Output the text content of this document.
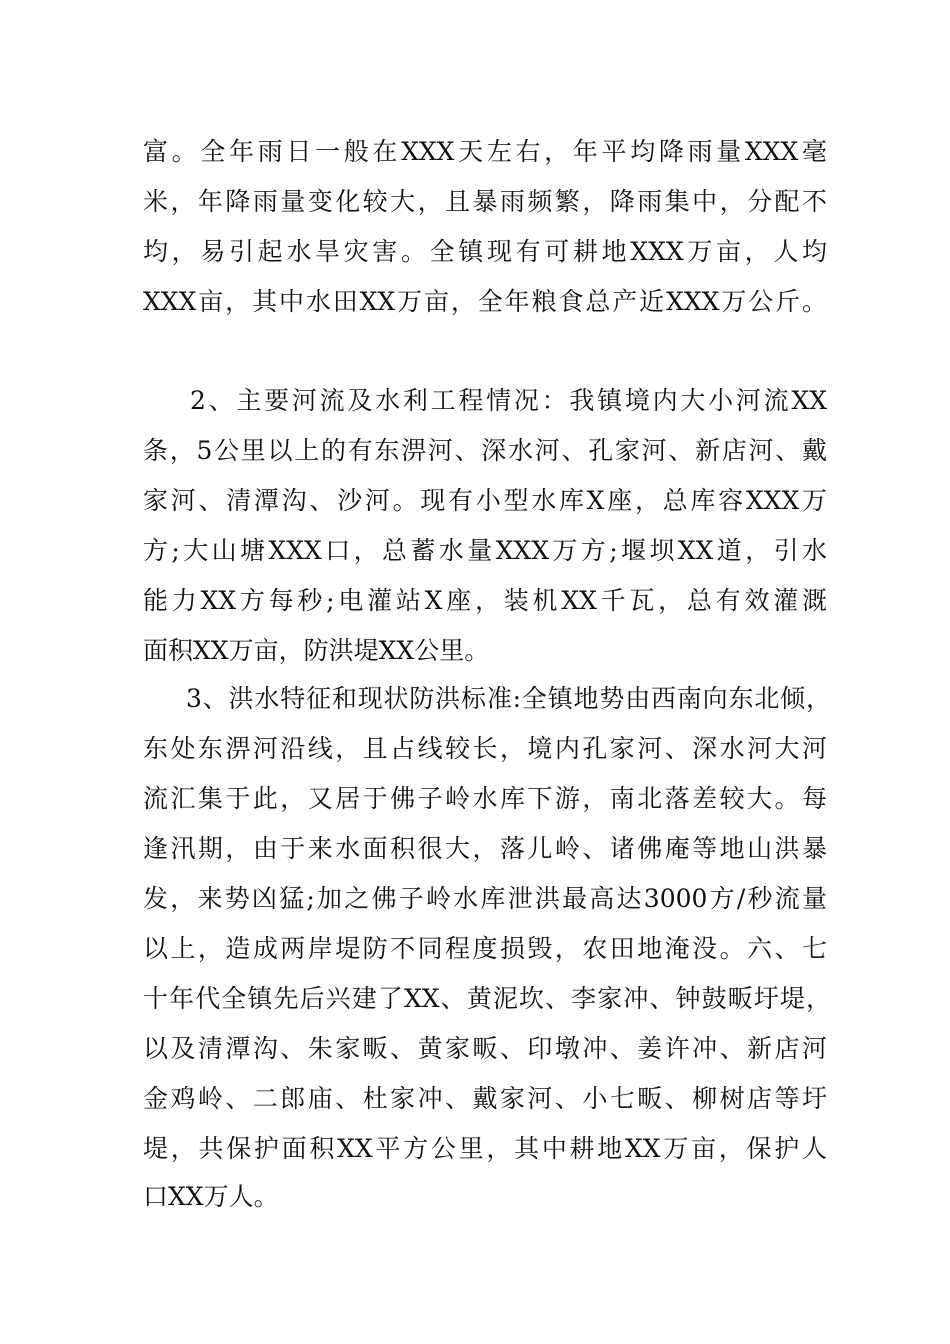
富。全年雨日一般在XXX天左右，年平均降雨量XXX毫
米，年降雨量变化较大，且暴雨频繁，降雨集中，分配不
均，易引起水旱灾害。全镇现有可耕地XXX万亩，人均
XXX亩，其中水田XX万亩，全年粮食总产近XXX万公斤。
2、主要河流及水利工程情况：我镇境内大小河流XX
条，5公里以上的有东淠河、深水河、孔家河、新店河、戴
家河、清潭沟、沙河。现有小型水库X座，总库容XXX万
方;大山塘XXX口，总蓄水量XXX万方;堰坝XX道，引水
能力XX方每秒;电灌站X座，装机XX千瓦，总有效灌溉
面积XX万亩，防洪堤XX公里。
3、洪水特征和现状防洪标准:全镇地势由西南向东北倾，
东处东淠河沿线，且占线较长，境内孔家河、深水河大河
流汇集于此，又居于佛子岭水库下游，南北落差较大。每
逢汛期，由于来水面积很大，落儿岭、诸佛庵等地山洪暴
发，来势凶猛;加之佛子岭水库泄洪最高达3000方/秒流量
以上，造成两岸堤防不同程度损毁，农田地淹没。六、七
十年代全镇先后兴建了XX、黄泥坎、李家冲、钟鼓畈圩堤，
以及清潭沟、朱家畈、黄家畈、印墩冲、姜许冲、新店河
金鸡岭、二郎庙、杜家冲、戴家河、小七畈、柳树店等圩
堤，共保护面积XX平方公里，其中耕地XX万亩，保护人
口XX万人。
